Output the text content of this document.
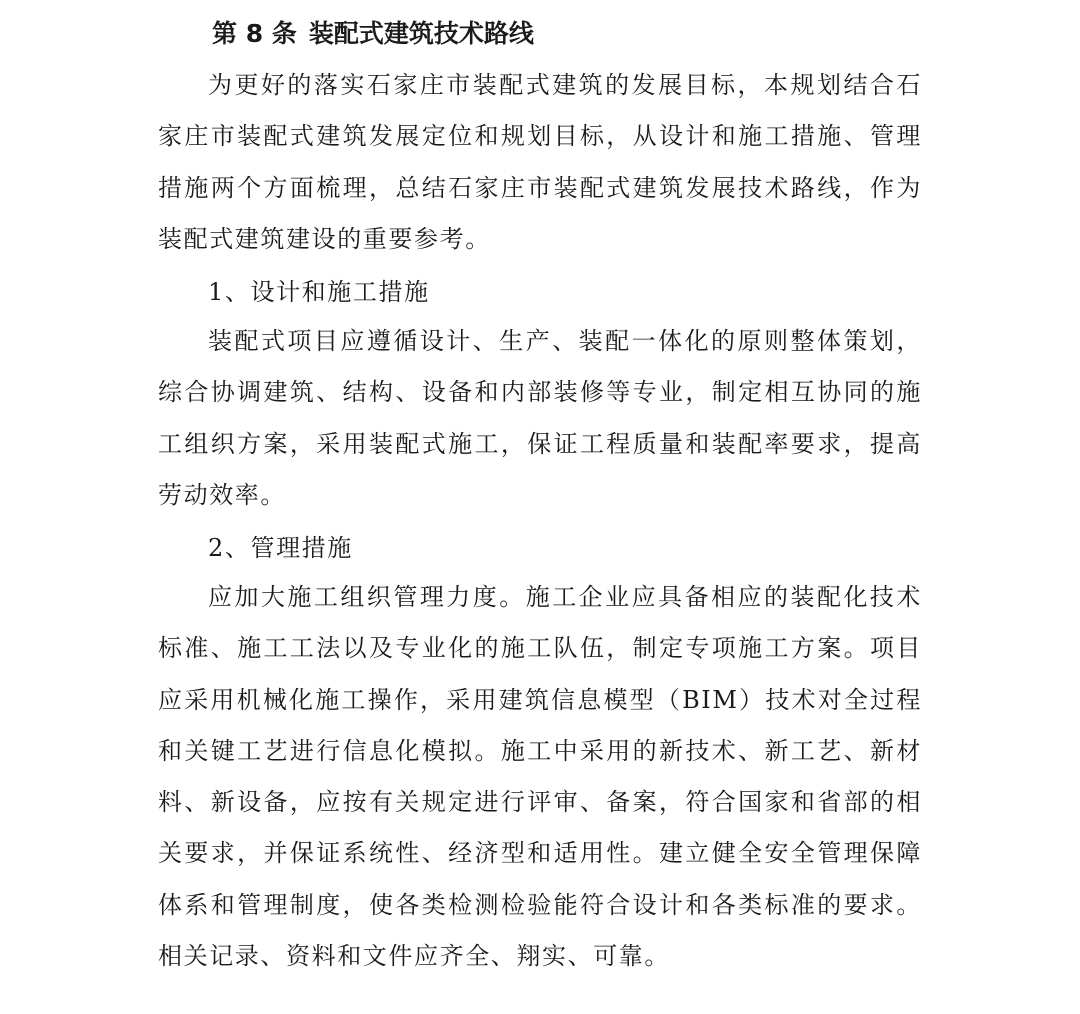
第 8 条 装配式建筑技术路线

为更好的落实石家庄市装配式建筑的发展目标，本规划结合石家庄市装配式建筑发展定位和规划目标，从设计和施工措施、管理措施两个方面梳理，总结石家庄市装配式建筑发展技术路线，作为装配式建筑建设的重要参考。

1、设计和施工措施

装配式项目应遵循设计、生产、装配一体化的原则整体策划，综合协调建筑、结构、设备和内部装修等专业，制定相互协同的施工组织方案，采用装配式施工，保证工程质量和装配率要求，提高劳动效率。

2、管理措施

应加大施工组织管理力度。施工企业应具备相应的装配化技术标准、施工工法以及专业化的施工队伍，制定专项施工方案。项目应采用机械化施工操作，采用建筑信息模型（BIM）技术对全过程和关键工艺进行信息化模拟。施工中采用的新技术、新工艺、新材料、新设备，应按有关规定进行评审、备案，符合国家和省部的相关要求，并保证系统性、经济型和适用性。建立健全安全管理保障体系和管理制度，使各类检测检验能符合设计和各类标准的要求。相关记录、资料和文件应齐全、翔实、可靠。
